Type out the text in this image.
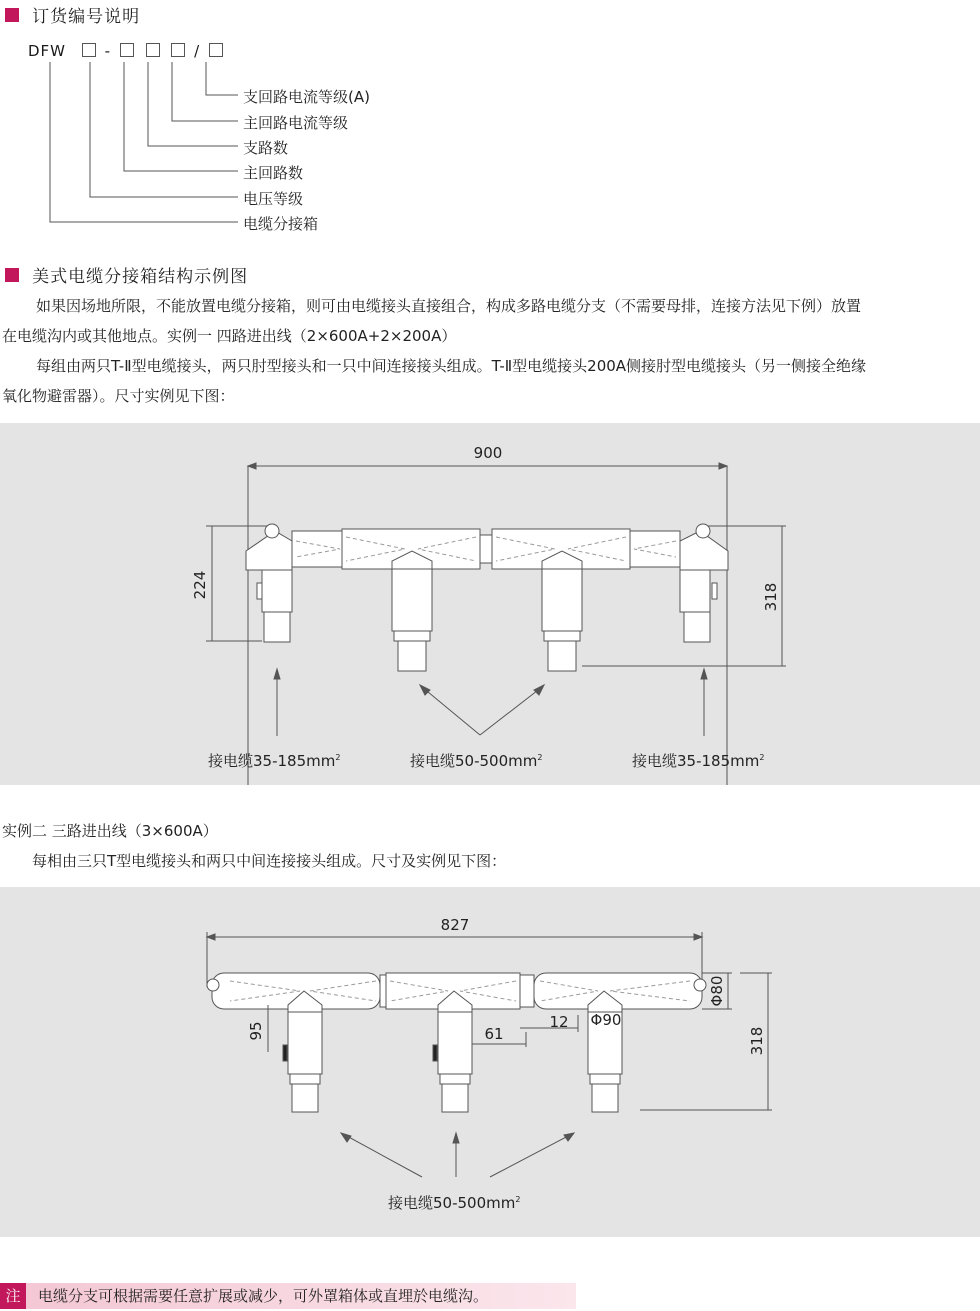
订货编号说明
DFW	-	/
支回路电流等级(A)
主回路电流等级
支路数
主回路数
电压等级
电缆分接箱
美式电缆分接箱结构示例图
如果因场地所限，不能放置电缆分接箱，则可由电缆接头直接组合，构成多路电缆分支（不需要母排，连接方法见下例）放置
在电缆沟内或其他地点。实例一 四路进出线（2×600A+2×200A）
每组由两只T-Ⅱ型电缆接头，两只肘型接头和一只中间连接接头组成。T-Ⅱ型电缆接头200A侧接肘型电缆接头（另一侧接全绝缘
氧化物避雷器）。尺寸实例见下图：
900
224	318
接电缆$35-185mm^2$	接电缆$50-500mm^2$	接电缆$35-185mm^2$
实例二 三路进出线（3×600A）
每相由三只T型电缆接头和两只中间连接接头组成。尺寸及实例见下图：
827
95	61
12 Φ90
Φ80
318
接电缆$50-500mm^2$
注	电缆分支可根据需要任意扩展或减少，可外罩箱体或直埋於电缆沟。
